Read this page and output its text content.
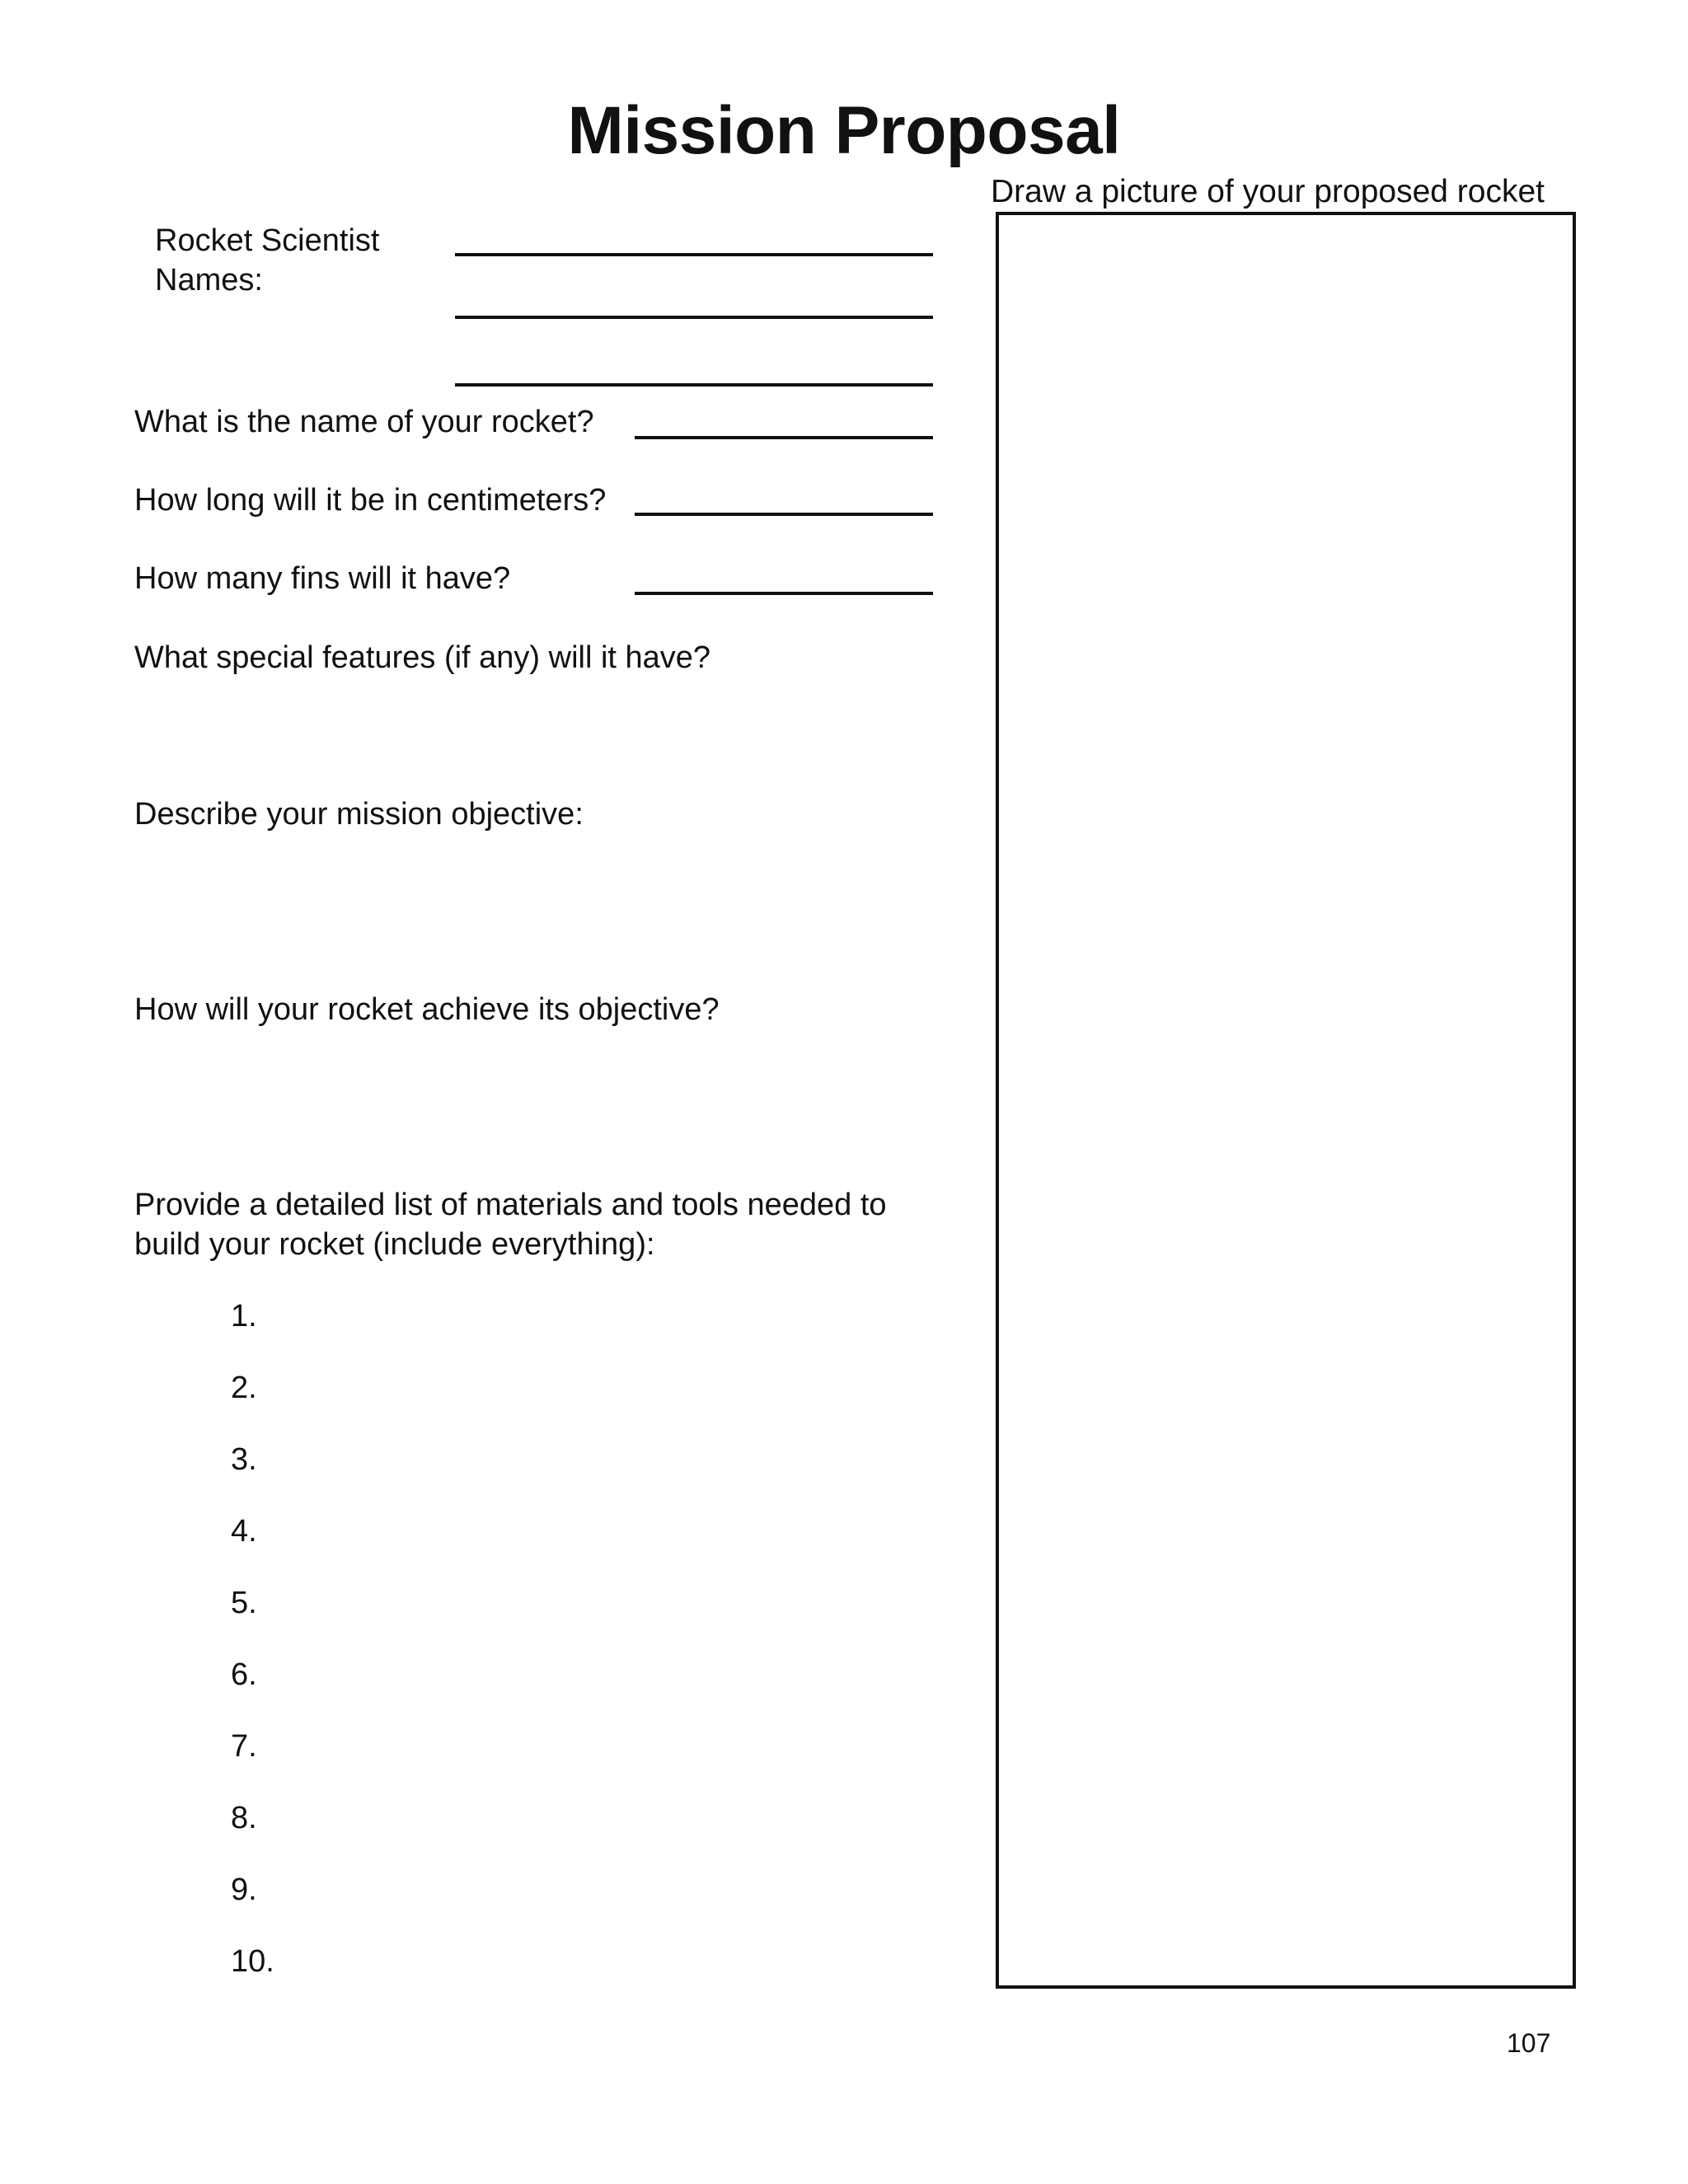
Mission Proposal
Draw a picture of your proposed rocket
Rocket Scientist
Names:
What is the name of your rocket?
How long will it be in centimeters?
How many fins will it have?
What special features (if any) will it have?
Describe your mission objective:
How will your rocket achieve its objective?
Provide a detailed list of materials and tools needed to build your rocket (include everything):
1.
2.
3.
4.
5.
6.
7.
8.
9.
10.
107
